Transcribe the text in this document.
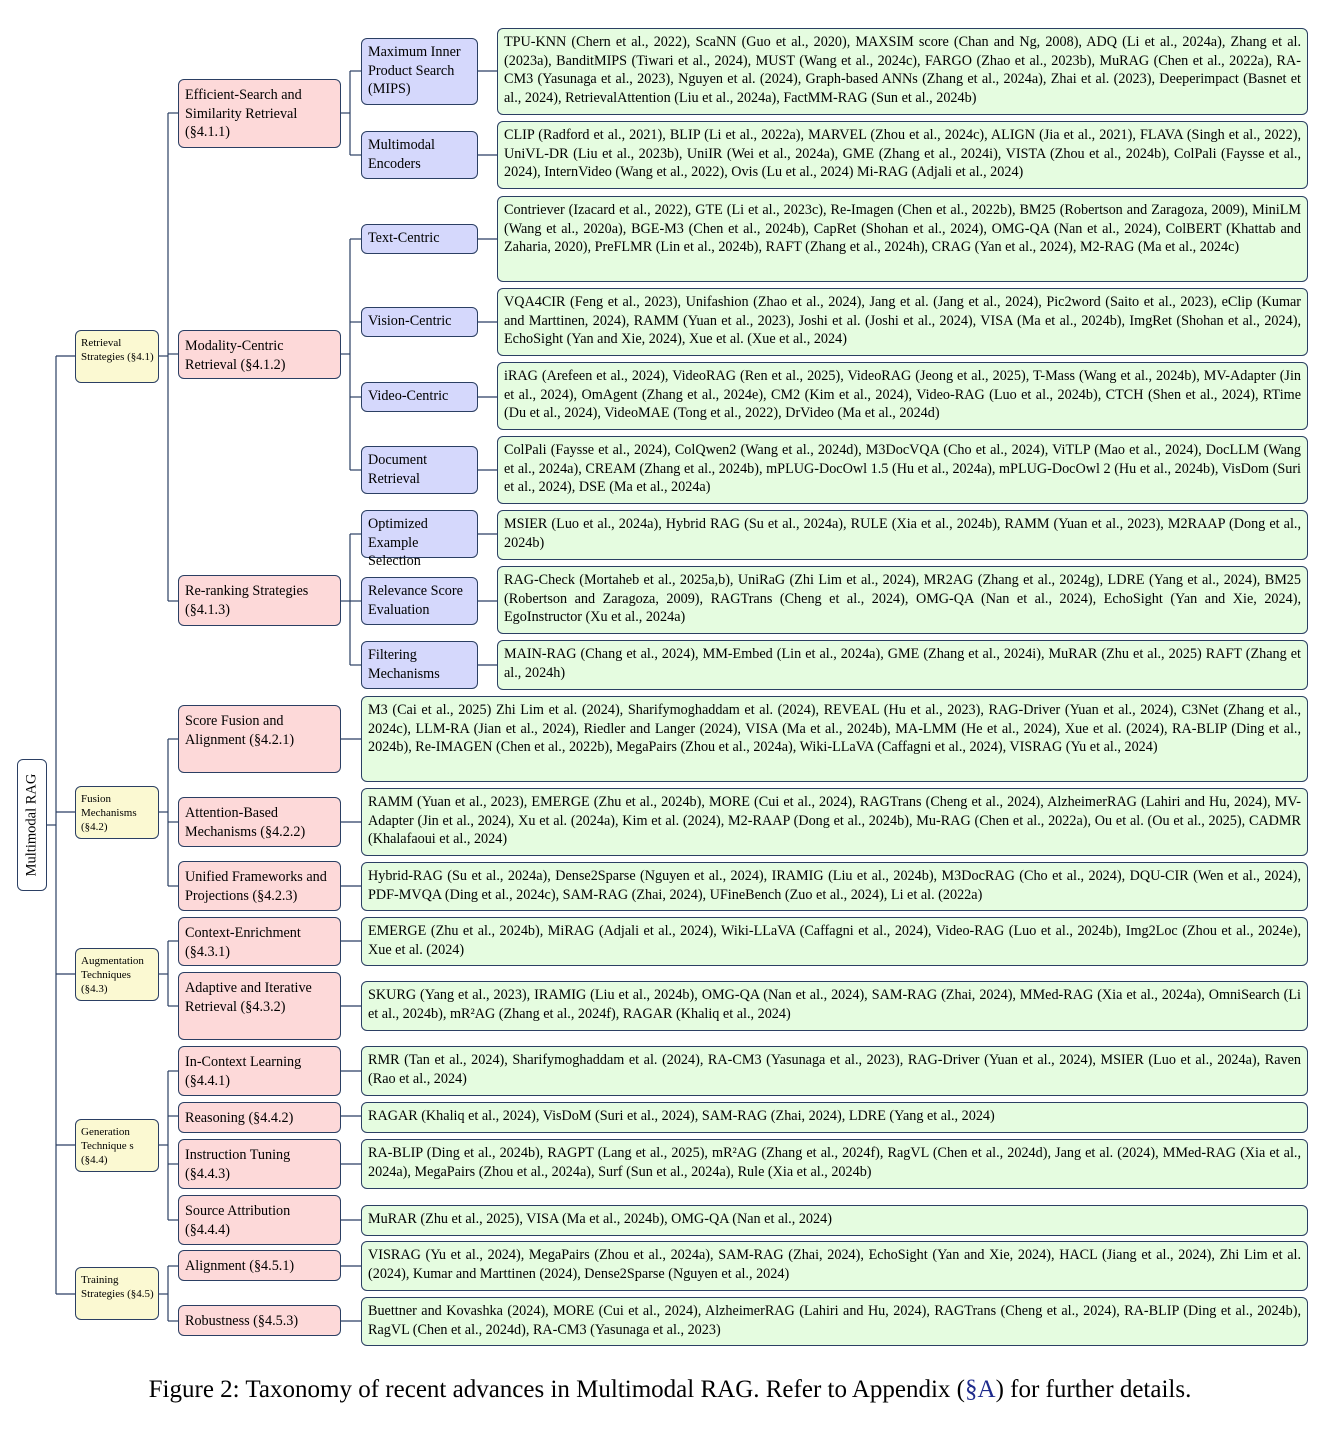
Multimodal RAG
Retrieval Strategies (§4.1)
Fusion Mechanisms (§4.2)
Augmentation Techniques (§4.3)
Generation Technique s (§4.4)
Training Strategies (§4.5)
Efficient-Search and Similarity Retrieval (§4.1.1)
Modality-Centric Retrieval (§4.1.2)
Re-ranking Strategies (§4.1.3)
Score Fusion and Alignment (§4.2.1)
Attention-Based Mechanisms (§4.2.2)
Unified Frameworks and Projections (§4.2.3)
Context-Enrichment (§4.3.1)
Adaptive and Iterative Retrieval (§4.3.2)
In-Context Learning (§4.4.1)
Reasoning (§4.4.2)
Instruction Tuning (§4.4.3)
Source Attribution (§4.4.4)
Alignment (§4.5.1)
Robustness (§4.5.3)
Maximum Inner Product Search (MIPS)
Multimodal Encoders
Text-Centric
Vision-Centric
Video-Centric
Document Retrieval
Optimized Example Selection
Relevance Score Evaluation
Filtering Mechanisms
TPU-KNN (Chern et al., 2022), ScaNN (Guo et al., 2020), MAXSIM score (Chan and Ng, 2008), ADQ (Li et al., 2024a), Zhang et al. (2023a), BanditMIPS (Tiwari et al., 2024), MUST (Wang et al., 2024c), FARGO (Zhao et al., 2023b), MuRAG (Chen et al., 2022a), RA-CM3 (Yasunaga et al., 2023), Nguyen et al. (2024), Graph-based ANNs (Zhang et al., 2024a), Zhai et al. (2023), Deeperimpact (Basnet et al., 2024), RetrievalAttention (Liu et al., 2024a), FactMM-RAG (Sun et al., 2024b)
CLIP (Radford et al., 2021), BLIP (Li et al., 2022a), MARVEL (Zhou et al., 2024c), ALIGN (Jia et al., 2021), FLAVA (Singh et al., 2022), UniVL-DR (Liu et al., 2023b), UniIR (Wei et al., 2024a), GME (Zhang et al., 2024i), VISTA (Zhou et al., 2024b), ColPali (Faysse et al., 2024), InternVideo (Wang et al., 2022), Ovis (Lu et al., 2024) Mi-RAG (Adjali et al., 2024)
Contriever (Izacard et al., 2022), GTE (Li et al., 2023c), Re-Imagen (Chen et al., 2022b), BM25 (Robertson and Zaragoza, 2009), MiniLM (Wang et al., 2020a), BGE-M3 (Chen et al., 2024b), CapRet (Shohan et al., 2024), OMG-QA (Nan et al., 2024), ColBERT (Khattab and Zaharia, 2020), PreFLMR (Lin et al., 2024b), RAFT (Zhang et al., 2024h), CRAG (Yan et al., 2024), M2-RAG (Ma et al., 2024c)
VQA4CIR (Feng et al., 2023), Unifashion (Zhao et al., 2024), Jang et al. (Jang et al., 2024), Pic2word (Saito et al., 2023), eClip (Kumar and Marttinen, 2024), RAMM (Yuan et al., 2023), Joshi et al. (Joshi et al., 2024), VISA (Ma et al., 2024b), ImgRet (Shohan et al., 2024), EchoSight (Yan and Xie, 2024), Xue et al. (Xue et al., 2024)
iRAG (Arefeen et al., 2024), VideoRAG (Ren et al., 2025), VideoRAG (Jeong et al., 2025), T-Mass (Wang et al., 2024b), MV-Adapter (Jin et al., 2024), OmAgent (Zhang et al., 2024e), CM2 (Kim et al., 2024), Video-RAG (Luo et al., 2024b), CTCH (Shen et al., 2024), RTime (Du et al., 2024), VideoMAE (Tong et al., 2022), DrVideo (Ma et al., 2024d)
ColPali (Faysse et al., 2024), ColQwen2 (Wang et al., 2024d), M3DocVQA (Cho et al., 2024), ViTLP (Mao et al., 2024), DocLLM (Wang et al., 2024a), CREAM (Zhang et al., 2024b), mPLUG-DocOwl 1.5 (Hu et al., 2024a), mPLUG-DocOwl 2 (Hu et al., 2024b), VisDom (Suri et al., 2024), DSE (Ma et al., 2024a)
MSIER (Luo et al., 2024a), Hybrid RAG (Su et al., 2024a), RULE (Xia et al., 2024b), RAMM (Yuan et al., 2023), M2RAAP (Dong et al., 2024b)
RAG-Check (Mortaheb et al., 2025a,b), UniRaG (Zhi Lim et al., 2024), MR2AG (Zhang et al., 2024g), LDRE (Yang et al., 2024), BM25 (Robertson and Zaragoza, 2009), RAGTrans (Cheng et al., 2024), OMG-QA (Nan et al., 2024), EchoSight (Yan and Xie, 2024), EgoInstructor (Xu et al., 2024a)
MAIN-RAG (Chang et al., 2024), MM-Embed (Lin et al., 2024a), GME (Zhang et al., 2024i), MuRAR (Zhu et al., 2025) RAFT (Zhang et al., 2024h)
M3 (Cai et al., 2025) Zhi Lim et al. (2024), Sharifymoghaddam et al. (2024), REVEAL (Hu et al., 2023), RAG-Driver (Yuan et al., 2024), C3Net (Zhang et al., 2024c), LLM-RA (Jian et al., 2024), Riedler and Langer (2024), VISA (Ma et al., 2024b), MA-LMM (He et al., 2024), Xue et al. (2024), RA-BLIP (Ding et al., 2024b), Re-IMAGEN (Chen et al., 2022b), MegaPairs (Zhou et al., 2024a), Wiki-LLaVA (Caffagni et al., 2024), VISRAG (Yu et al., 2024)
RAMM (Yuan et al., 2023), EMERGE (Zhu et al., 2024b), MORE (Cui et al., 2024), RAGTrans (Cheng et al., 2024), AlzheimerRAG (Lahiri and Hu, 2024), MV-Adapter (Jin et al., 2024), Xu et al. (2024a), Kim et al. (2024), M2-RAAP (Dong et al., 2024b), Mu-RAG (Chen et al., 2022a), Ou et al. (Ou et al., 2025), CADMR (Khalafaoui et al., 2024)
Hybrid-RAG (Su et al., 2024a), Dense2Sparse (Nguyen et al., 2024), IRAMIG (Liu et al., 2024b), M3DocRAG (Cho et al., 2024), DQU-CIR (Wen et al., 2024), PDF-MVQA (Ding et al., 2024c), SAM-RAG (Zhai, 2024), UFineBench (Zuo et al., 2024), Li et al. (2022a)
EMERGE (Zhu et al., 2024b), MiRAG (Adjali et al., 2024), Wiki-LLaVA (Caffagni et al., 2024), Video-RAG (Luo et al., 2024b), Img2Loc (Zhou et al., 2024e), Xue et al. (2024)
SKURG (Yang et al., 2023), IRAMIG (Liu et al., 2024b), OMG-QA (Nan et al., 2024), SAM-RAG (Zhai, 2024), MMed-RAG (Xia et al., 2024a), OmniSearch (Li et al., 2024b), mR²AG (Zhang et al., 2024f), RAGAR (Khaliq et al., 2024)
RMR (Tan et al., 2024), Sharifymoghaddam et al. (2024), RA-CM3 (Yasunaga et al., 2023), RAG-Driver (Yuan et al., 2024), MSIER (Luo et al., 2024a), Raven (Rao et al., 2024)
RAGAR (Khaliq et al., 2024), VisDoM (Suri et al., 2024), SAM-RAG (Zhai, 2024), LDRE (Yang et al., 2024)
RA-BLIP (Ding et al., 2024b), RAGPT (Lang et al., 2025), mR²AG (Zhang et al., 2024f), RagVL (Chen et al., 2024d), Jang et al. (2024), MMed-RAG (Xia et al., 2024a), MegaPairs (Zhou et al., 2024a), Surf (Sun et al., 2024a), Rule (Xia et al., 2024b)
MuRAR (Zhu et al., 2025), VISA (Ma et al., 2024b), OMG-QA (Nan et al., 2024)
VISRAG (Yu et al., 2024), MegaPairs (Zhou et al., 2024a), SAM-RAG (Zhai, 2024), EchoSight (Yan and Xie, 2024), HACL (Jiang et al., 2024), Zhi Lim et al. (2024), Kumar and Marttinen (2024), Dense2Sparse (Nguyen et al., 2024)
Buettner and Kovashka (2024), MORE (Cui et al., 2024), AlzheimerRAG (Lahiri and Hu, 2024), RAGTrans (Cheng et al., 2024), RA-BLIP (Ding et al., 2024b), RagVL (Chen et al., 2024d), RA-CM3 (Yasunaga et al., 2023)
Figure 2: Taxonomy of recent advances in Multimodal RAG. Refer to Appendix (§A) for further details.
